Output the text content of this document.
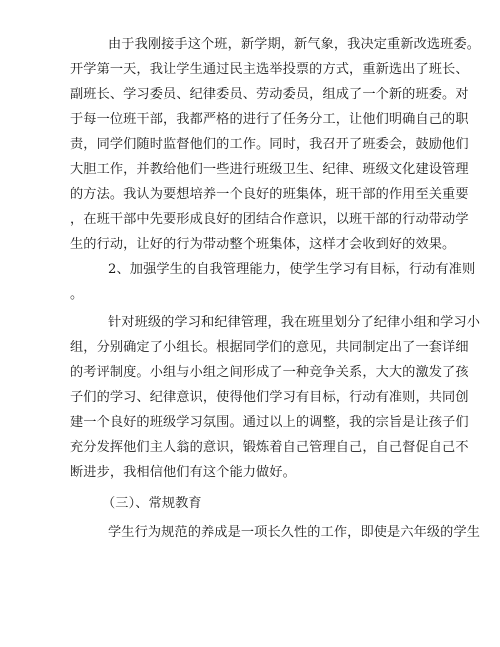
由于我刚接手这个班，新学期，新气象，我决定重新改选班委。
开学第一天，我让学生通过民主选举投票的方式，重新选出了班长、
副班长、学习委员、纪律委员、劳动委员，组成了一个新的班委。对
于每一位班干部，我都严格的进行了任务分工，让他们明确自己的职
责，同学们随时监督他们的工作。同时，我召开了班委会，鼓励他们
大胆工作，并教给他们一些进行班级卫生、纪律、班级文化建设管理
的方法。我认为要想培养一个良好的班集体，班干部的作用至关重要
，在班干部中先要形成良好的团结合作意识，以班干部的行动带动学
生的行动，让好的行为带动整个班集体，这样才会收到好的效果。
2、加强学生的自我管理能力，使学生学习有目标，行动有准则
。
针对班级的学习和纪律管理，我在班里划分了纪律小组和学习小
组，分别确定了小组长。根据同学们的意见，共同制定出了一套详细
的考评制度。小组与小组之间形成了一种竞争关系，大大的激发了孩
子们的学习、纪律意识，使得他们学习有目标，行动有准则，共同创
建一个良好的班级学习氛围。通过以上的调整，我的宗旨是让孩子们
充分发挥他们主人翁的意识，锻炼着自己管理自己，自己督促自己不
断进步，我相信他们有这个能力做好。
（三）、常规教育
学生行为规范的养成是一项长久性的工作，即使是六年级的学生
